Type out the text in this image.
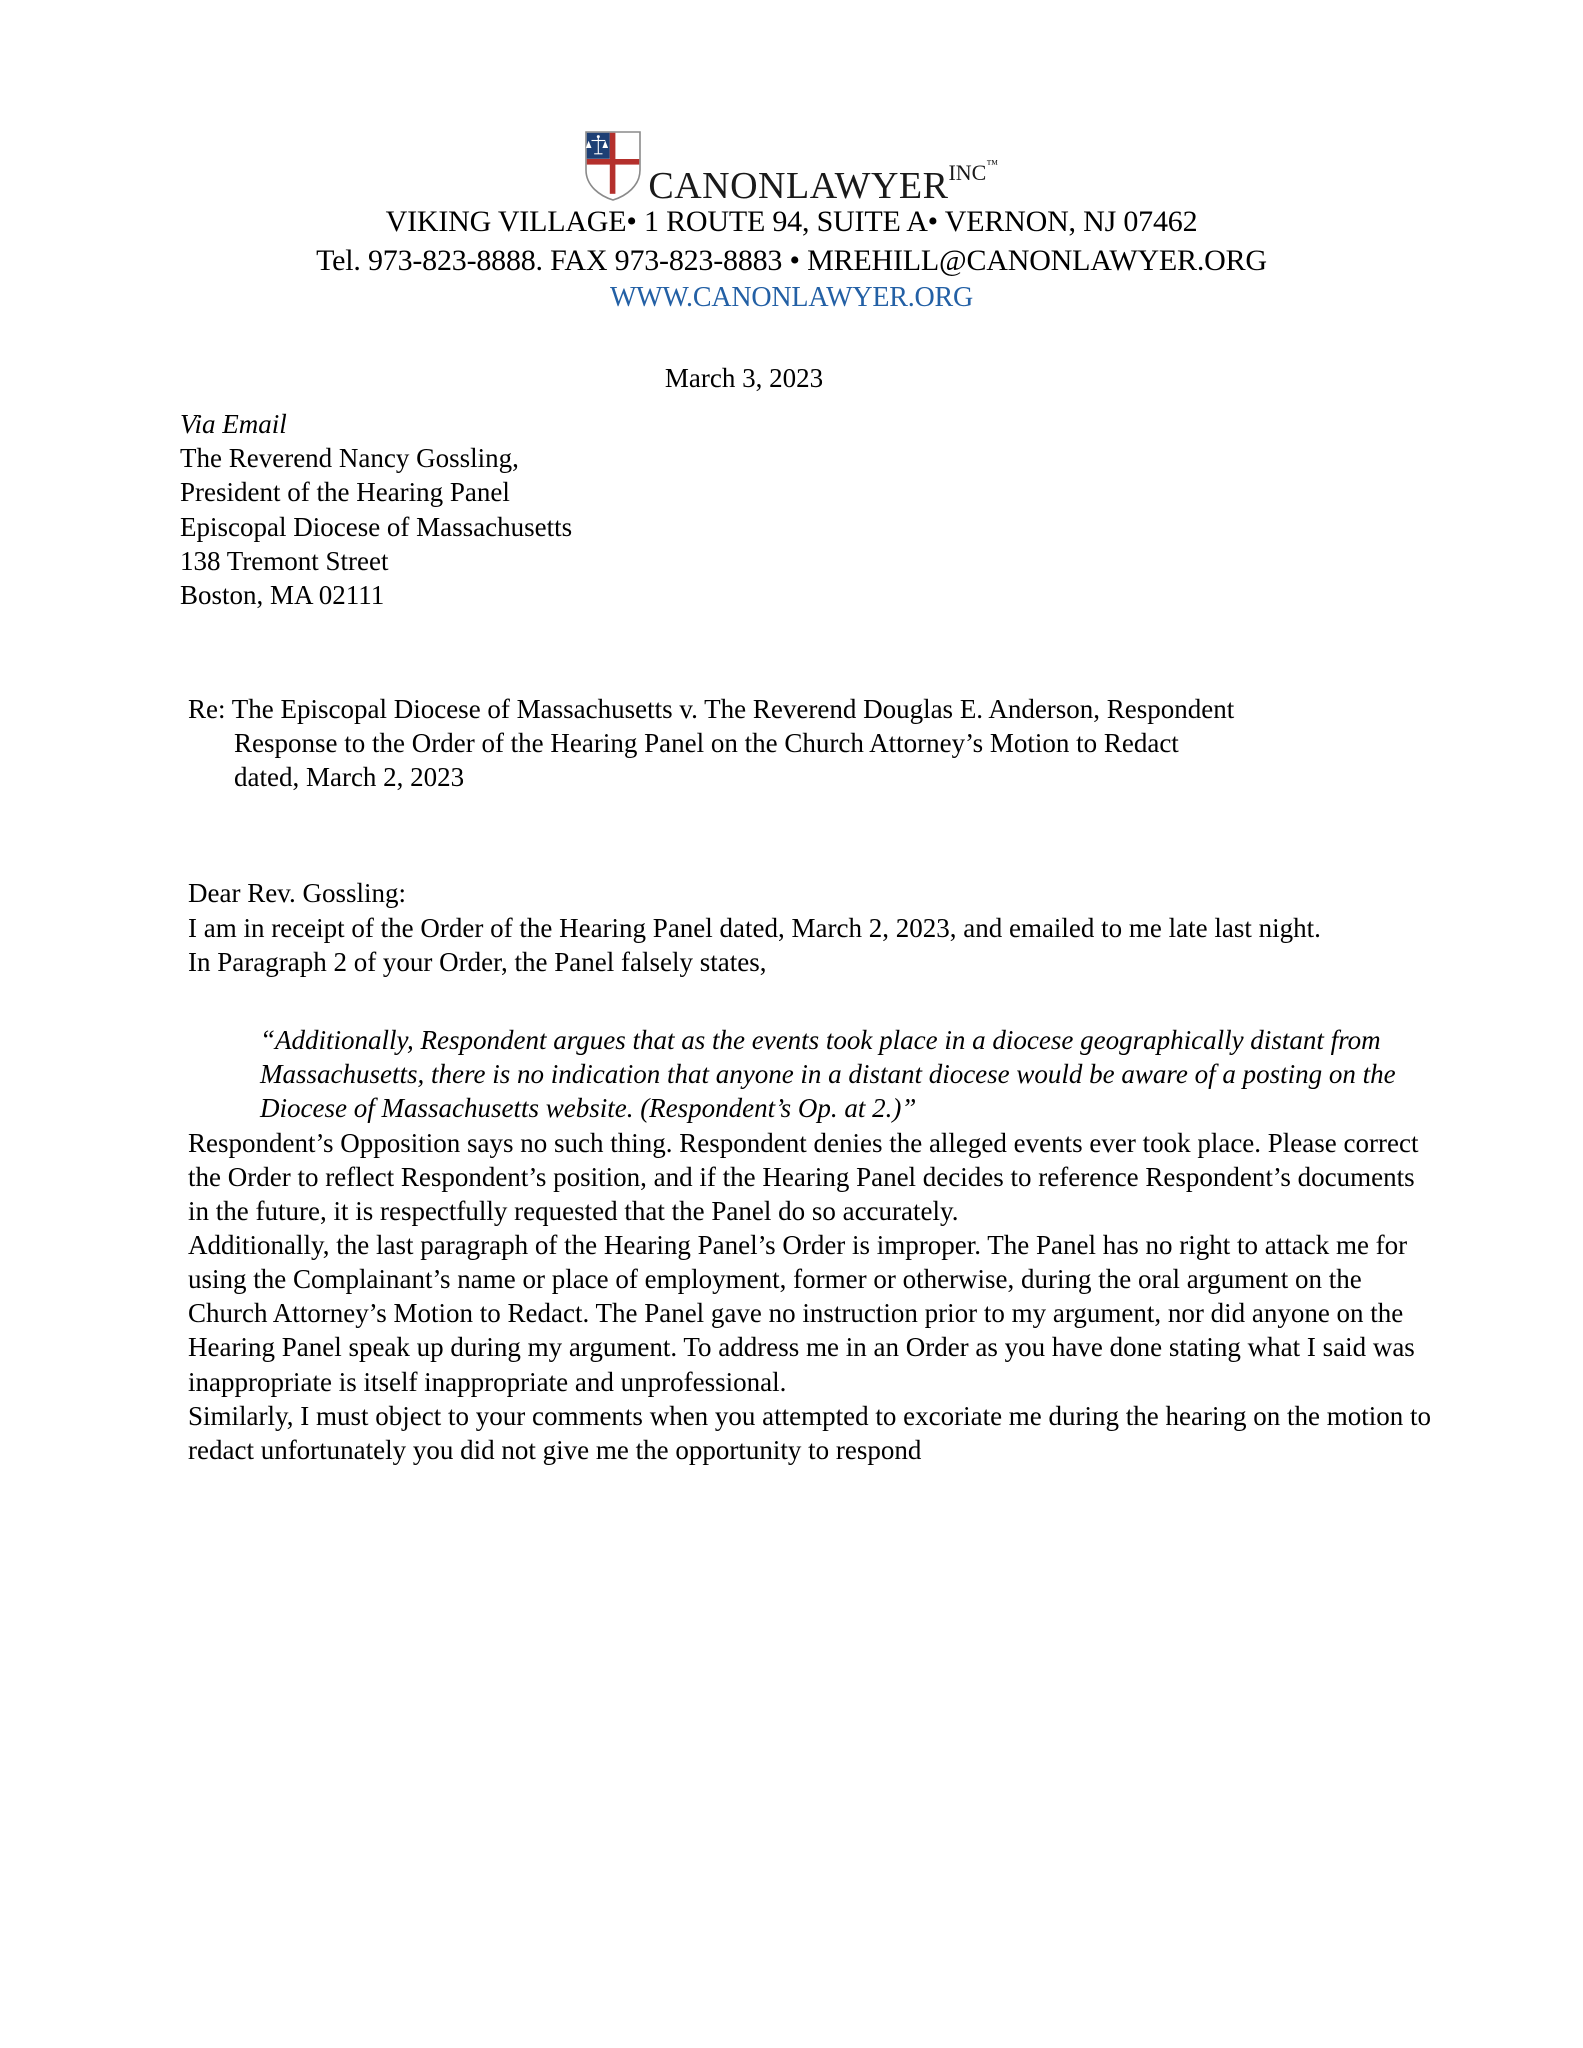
canonlawyer$^{INC™}$
VIKING VILLAGE• 1 ROUTE 94, SUITE A• VERNON, NJ 07462
Tel. 973-823-8888. FAX 973-823-8883 • MREHILL@CANONLAWYER.ORG
WWW.CANONLAWYER.ORG
March 3, 2023
Via Email
The Reverend Nancy Gossling,
President of the Hearing Panel
Episcopal Diocese of Massachusetts
138 Tremont Street
Boston, MA 02111
Re: The Episcopal Diocese of Massachusetts v. The Reverend Douglas E. Anderson, Respondent
Response to the Order of the Hearing Panel on the Church Attorney’s Motion to Redact
dated, March 2, 2023
Dear Rev. Gossling:

I am in receipt of the Order of the Hearing Panel dated, March 2, 2023, and emailed to me late last night.

In Paragraph 2 of your Order, the Panel falsely states,

“Additionally, Respondent argues that as the events took place in a diocese geographically distant from Massachusetts, there is no indication that anyone in a distant diocese would be aware of a posting on the Diocese of Massachusetts website. (Respondent’s Op. at 2.)”

Respondent’s Opposition says no such thing. Respondent denies the alleged events ever took place. Please correct the Order to reflect Respondent’s position, and if the Hearing Panel decides to reference Respondent’s documents in the future, it is respectfully requested that the Panel do so accurately.

Additionally, the last paragraph of the Hearing Panel’s Order is improper. The Panel has no right to attack me for using the Complainant’s name or place of employment, former or otherwise, during the oral argument on the Church Attorney’s Motion to Redact. The Panel gave no instruction prior to my argument, nor did anyone on the Hearing Panel speak up during my argument. To address me in an Order as you have done stating what I said was inappropriate is itself inappropriate and unprofessional.

Similarly, I must object to your comments when you attempted to excoriate me during the hearing on the motion to redact unfortunately you did not give me the opportunity to respond
